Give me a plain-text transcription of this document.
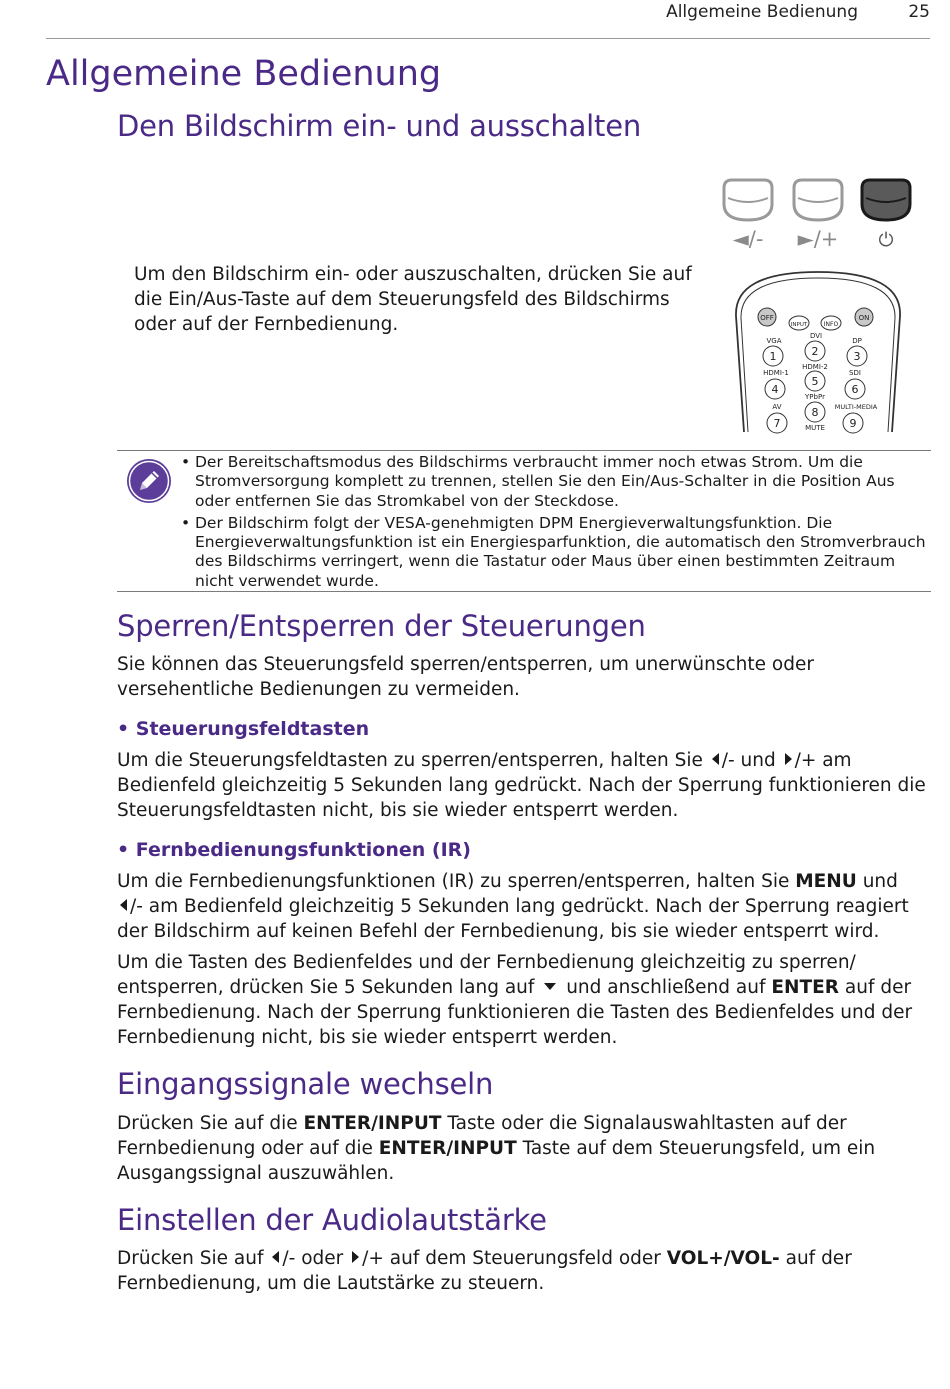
Allgemeine Bedienung	25
Allgemeine Bedienung
Den Bildschirm ein- und ausschalten

Um den Bildschirm ein- oder auszuschalten, drücken Sie auf die Ein/Aus-Taste auf dem Steuerungsfeld des Bildschirms oder auf der Fernbedienung.

◄/- ►/+ ⏻
OFF
INPUT	INFO
ON
VGA
DVI
DP
1	2	3
HDMI-1
HDMI-2
SDI
4
5
6
YPbPr
AV	MULTI-MEDIA
7
8
9
MUTE
• Der Bereitschaftsmodus des Bildschirms verbraucht immer noch etwas Strom. Um die Stromversorgung komplett zu trennen, stellen Sie den Ein/Aus-Schalter in die Position Aus oder entfernen Sie das Stromkabel von der Steckdose.
• Der Bildschirm folgt der VESA-genehmigten DPM Energieverwaltungsfunktion. Die Energieverwaltungsfunktion ist ein Energiesparfunktion, die automatisch den Stromverbrauch des Bildschirms verringert, wenn die Tastatur oder Maus über einen bestimmten Zeitraum nicht verwendet wurde.
Sperren/Entsperren der Steuerungen

Sie können das Steuerungsfeld sperren/entsperren, um unerwünschte oder versehentliche Bedienungen zu vermeiden.

• Steuerungsfeldtasten

Um die Steuerungsfeldtasten zu sperren/entsperren, halten Sie /- und /+ am Bedienfeld gleichzeitig 5 Sekunden lang gedrückt. Nach der Sperrung funktionieren die Steuerungsfeldtasten nicht, bis sie wieder entsperrt werden.

• Fernbedienungsfunktionen (IR)

Um die Fernbedienungsfunktionen (IR) zu sperren/entsperren, halten Sie MENU und
/- am Bedienfeld gleichzeitig 5 Sekunden lang gedrückt. Nach der Sperrung reagiert der Bildschirm auf keinen Befehl der Fernbedienung, bis sie wieder entsperrt wird.

Um die Tasten des Bedienfeldes und der Fernbedienung gleichzeitig zu sperren/ entsperren, drücken Sie 5 Sekunden lang auf und anschließend auf ENTER auf der Fernbedienung. Nach der Sperrung funktionieren die Tasten des Bedienfeldes und der Fernbedienung nicht, bis sie wieder entsperrt werden.

Eingangssignale wechseln

Drücken Sie auf die ENTER/INPUT Taste oder die Signalauswahltasten auf der Fernbedienung oder auf die ENTER/INPUT Taste auf dem Steuerungsfeld, um ein Ausgangssignal auszuwählen.

Einstellen der Audiolautstärke

Drücken Sie auf /- oder /+ auf dem Steuerungsfeld oder VOL+/VOL- auf der Fernbedienung, um die Lautstärke zu steuern.
